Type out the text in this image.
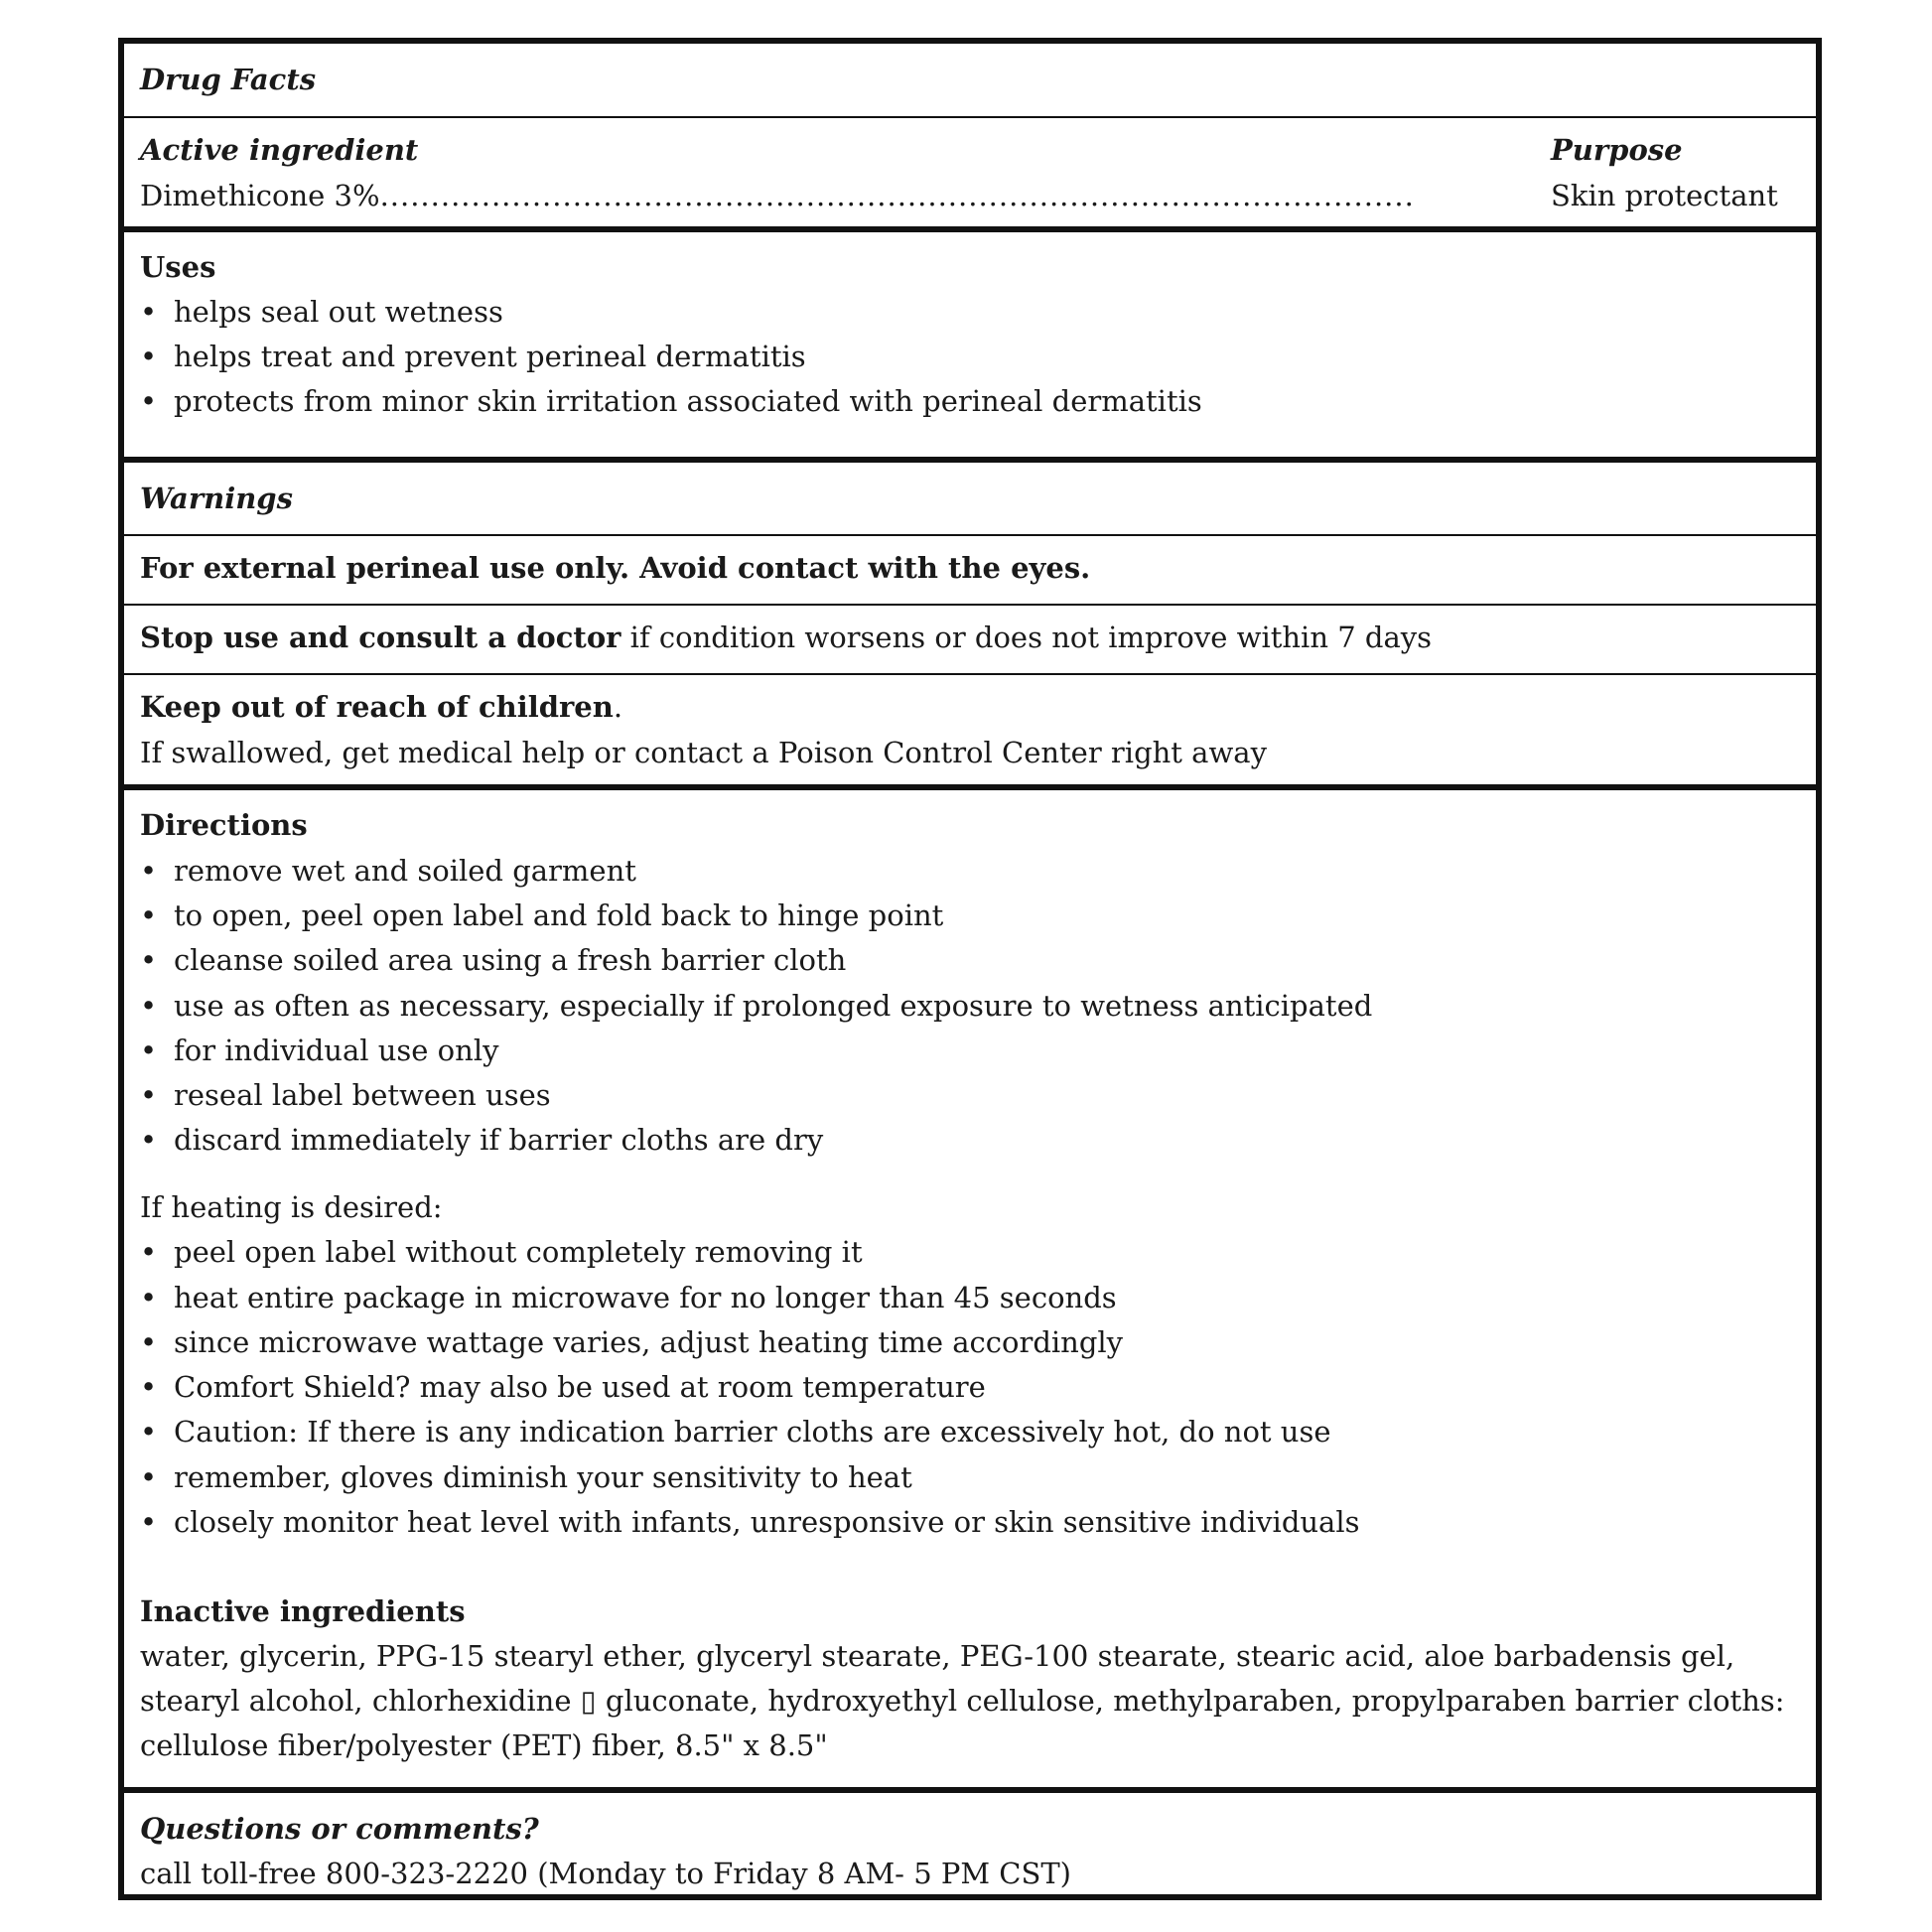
Drug Facts
Active ingredient	Purpose
Dimethicone 3%......................................................................................................	Skin protectant
Uses
• helps seal out wetness
• helps treat and prevent perineal dermatitis
• protects from minor skin irritation associated with perineal dermatitis
Warnings
For external perineal use only. Avoid contact with the eyes.
Stop use and consult a doctor if condition worsens or does not improve within 7 days
Keep out of reach of children.
If swallowed, get medical help or contact a Poison Control Center right away
Directions
• remove wet and soiled garment
• to open, peel open label and fold back to hinge point
• cleanse soiled area using a fresh barrier cloth
• use as often as necessary, especially if prolonged exposure to wetness anticipated
• for individual use only
• reseal label between uses
• discard immediately if barrier cloths are dry
If heating is desired:
• peel open label without completely removing it
• heat entire package in microwave for no longer than 45 seconds
• since microwave wattage varies, adjust heating time accordingly
• Comfort Shield? may also be used at room temperature
• Caution: If there is any indication barrier cloths are excessively hot, do not use
• remember, gloves diminish your sensitivity to heat
• closely monitor heat level with infants, unresponsive or skin sensitive individuals
Inactive ingredients
water, glycerin, PPG-15 stearyl ether, glyceryl stearate, PEG-100 stearate, stearic acid, aloe barbadensis gel, stearyl alcohol, chlorhexidine ▯ gluconate, hydroxyethyl cellulose, methylparaben, propylparaben barrier cloths: cellulose fiber/polyester (PET) fiber, 8.5" x 8.5"
Questions or comments?
call toll-free 800-323-2220 (Monday to Friday 8 AM- 5 PM CST)
